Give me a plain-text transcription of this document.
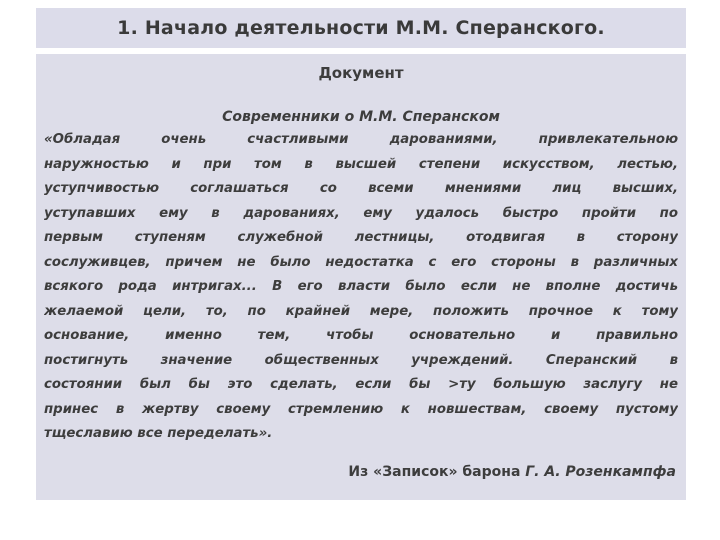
1. Начало деятельности М.М. Сперанского.
Документ
Современники о М.М. Сперанском
«Обладая очень счастливыми дарованиями, привлекательною
наружностью и при том в высшей степени искусством, лестью,
уступчивостью соглашаться со всеми мнениями лиц высших,
уступавших ему в дарованиях, ему удалось быстро пройти по
первым ступеням служебной лестницы, отодвигая в сторону
сослуживцев, причем не было недостатка с его стороны в различных
всякого рода интригах... В его власти было если не вполне достичь
желаемой цели, то, по крайней мере, положить прочное к тому
основание, именно тем, чтобы основательно и правильно
постигнуть значение общественных учреждений. Сперанский в
состоянии был бы это сделать, если бы >ту большую заслугу не
принес в жертву своему стремлению к новшествам, своему пустому
тщеславию все переделать».
Из «Записок» барона Г. А. Розенкампфа
